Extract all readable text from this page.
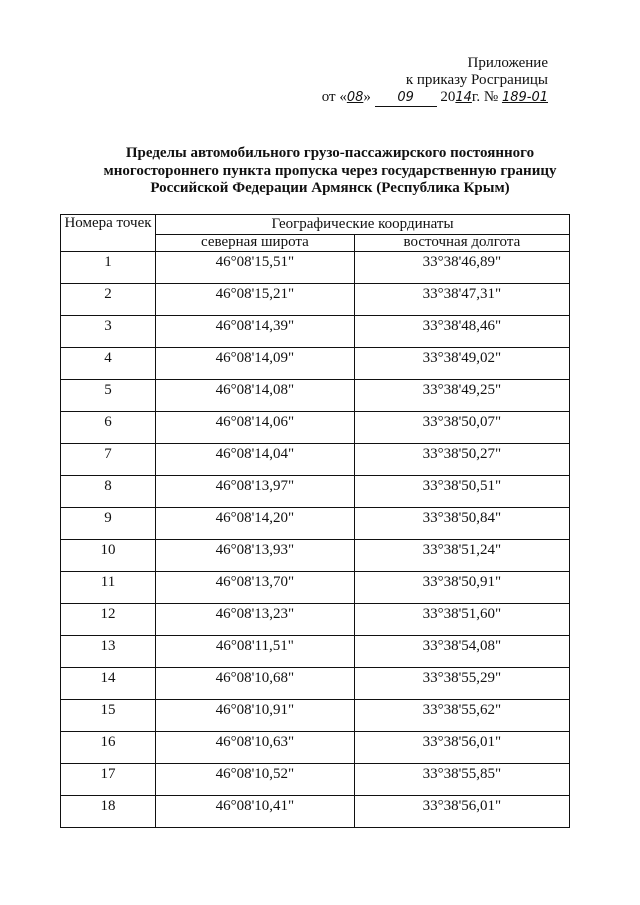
Приложение
к приказу Росграницы
от «08» 09 2014г. № 189-01
Пределы автомобильного грузо-пассажирского постоянного
многостороннего пункта пропуска через государственную границу
Российской Федерации Армянск (Республика Крым)
Номера точек	Географические координаты	
	северная широта	восточная долгота
1	46°08'15,51"	33°38'46,89"
2	46°08'15,21"	33°38'47,31"
3	46°08'14,39"	33°38'48,46"
4	46°08'14,09"	33°38'49,02"
5	46°08'14,08"	33°38'49,25"
6	46°08'14,06"	33°38'50,07"
7	46°08'14,04"	33°38'50,27"
8	46°08'13,97"	33°38'50,51"
9	46°08'14,20"	33°38'50,84"
10	46°08'13,93"	33°38'51,24"
11	46°08'13,70"	33°38'50,91"
12	46°08'13,23"	33°38'51,60"
13	46°08'11,51"	33°38'54,08"
14	46°08'10,68"	33°38'55,29"
15	46°08'10,91"	33°38'55,62"
16	46°08'10,63"	33°38'56,01"
17	46°08'10,52"	33°38'55,85"
18	46°08'10,41"	33°38'56,01"
